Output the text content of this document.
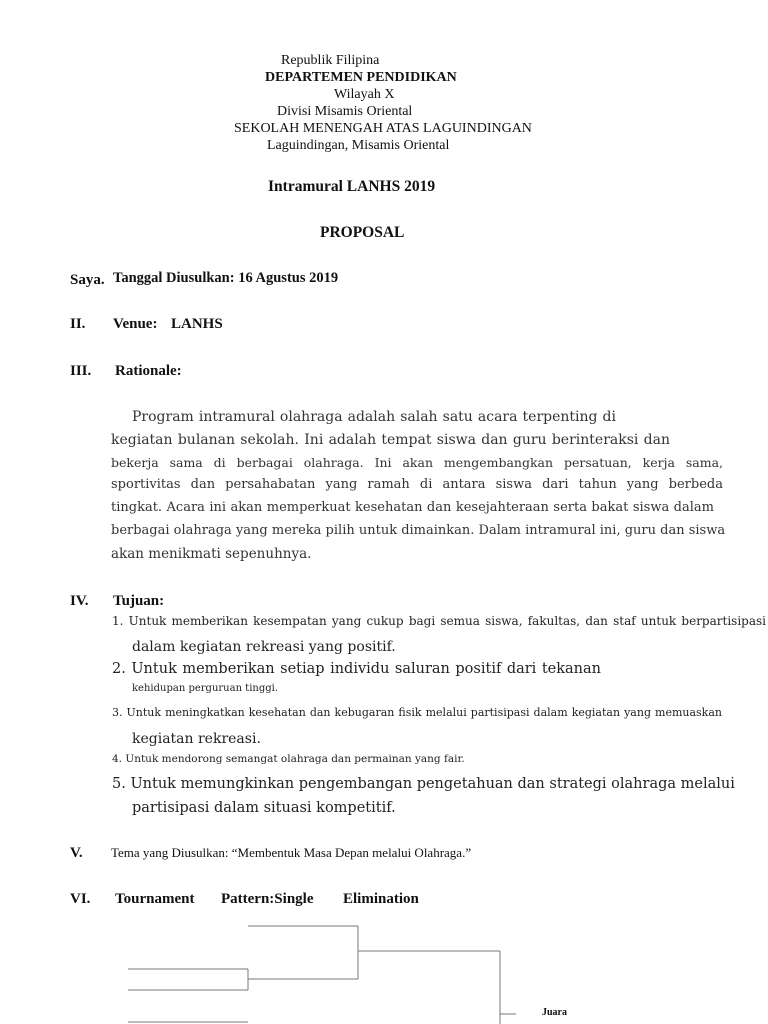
Republik Filipina
DEPARTEMEN PENDIDIKAN
Wilayah X
Divisi Misamis Oriental
SEKOLAH MENENGAH ATAS LAGUINDINGAN
Laguindingan, Misamis Oriental
Intramural LANHS 2019
PROPOSAL
Saya. Tanggal Diusulkan: 16 Agustus 2019
II. Venue: LANHS
III. Rationale:
Program intramural olahraga adalah salah satu acara terpenting di
kegiatan bulanan sekolah. Ini adalah tempat siswa dan guru berinteraksi dan
bekerja sama di berbagai olahraga. Ini akan mengembangkan persatuan, kerja sama,
sportivitas dan persahabatan yang ramah di antara siswa dari tahun yang berbeda
tingkat. Acara ini akan memperkuat kesehatan dan kesejahteraan serta bakat siswa dalam
berbagai olahraga yang mereka pilih untuk dimainkan. Dalam intramural ini, guru dan siswa
akan menikmati sepenuhnya.
IV. Tujuan:
1. Untuk memberikan kesempatan yang cukup bagi semua siswa, fakultas, dan staf untuk berpartisipasi
dalam kegiatan rekreasi yang positif.
2. Untuk memberikan setiap individu saluran positif dari tekanan
kehidupan perguruan tinggi.
3. Untuk meningkatkan kesehatan dan kebugaran fisik melalui partisipasi dalam kegiatan yang memuaskan
kegiatan rekreasi.
4. Untuk mendorong semangat olahraga dan permainan yang fair.
5. Untuk memungkinkan pengembangan pengetahuan dan strategi olahraga melalui
partisipasi dalam situasi kompetitif.
V. Tema yang Diusulkan: “Membentuk Masa Depan melalui Olahraga.”
VI. Tournament Pattern:Single Elimination
Juara
